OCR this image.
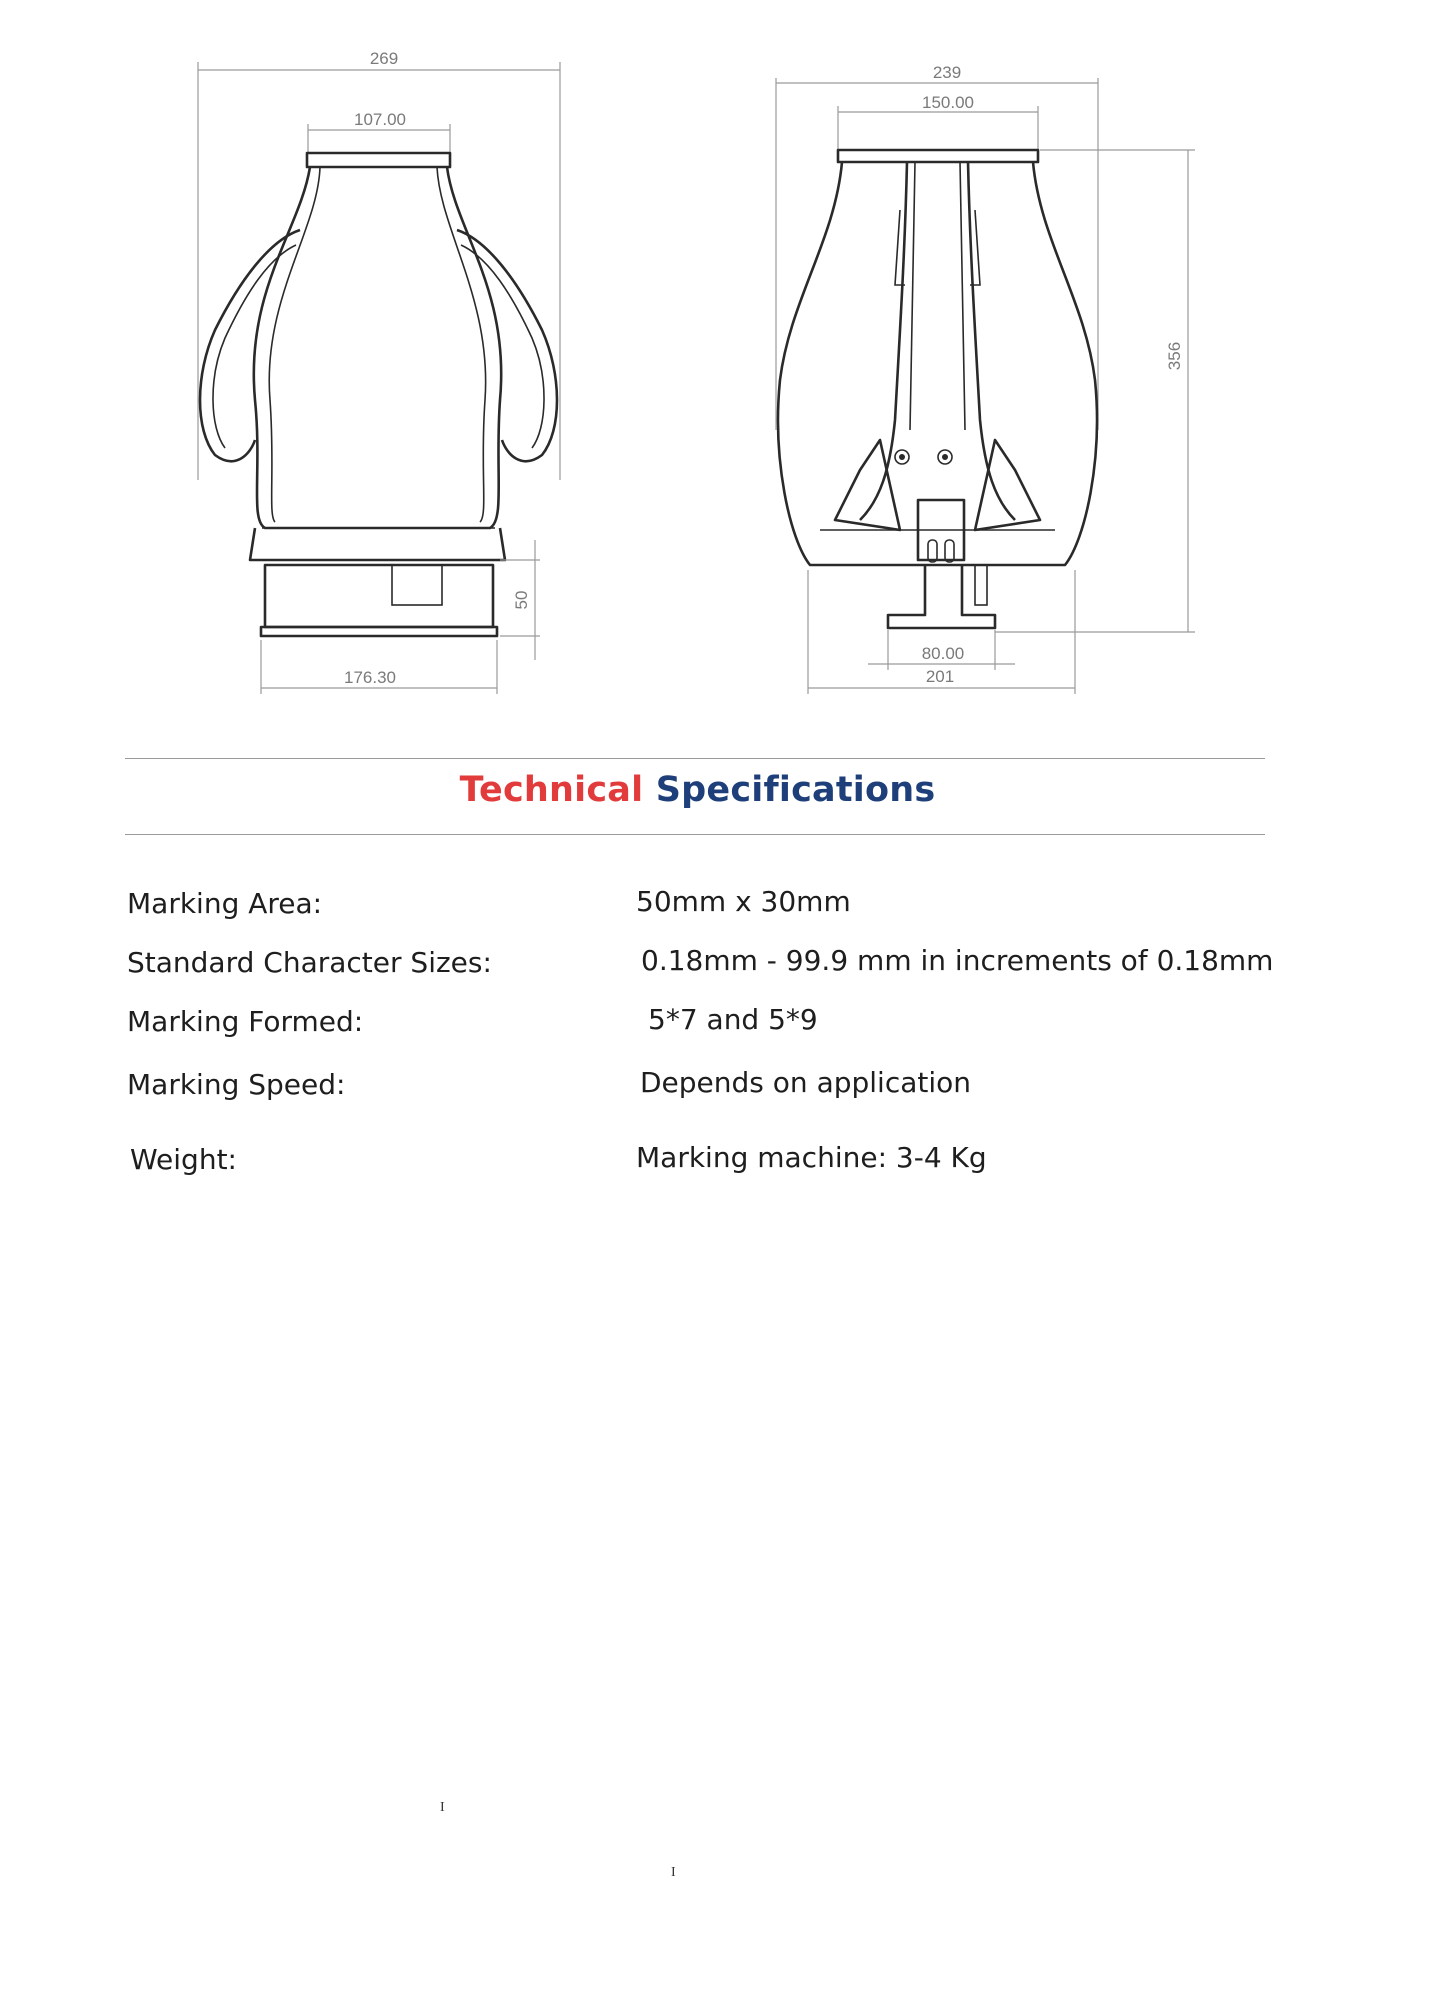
269
107.00
50
176.30
239
150.00
356
80.00
201
Technical Specifications
Marking Area:	50mm x 30mm
Standard Character Sizes:	0.18mm - 99.9 mm in increments of 0.18mm
Marking Formed:	5*7 and 5*9
Marking Speed:	Depends on application
Weight:	Marking machine: 3-4 Kg
I
I
